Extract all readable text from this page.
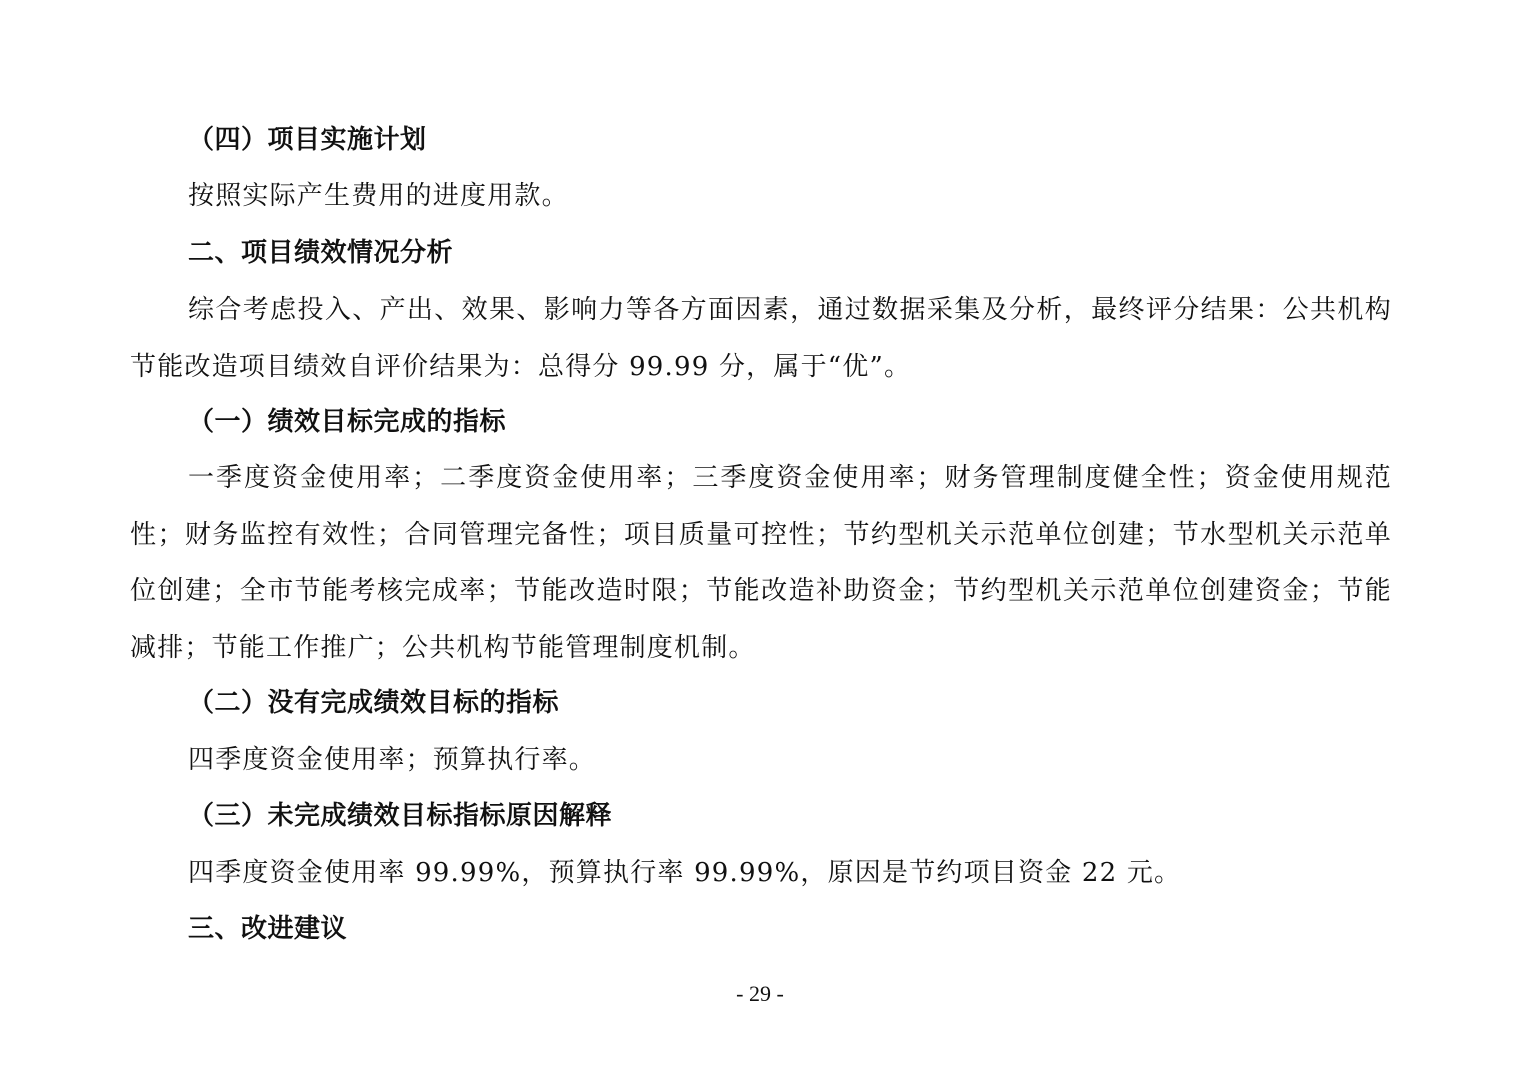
（四）项目实施计划

按照实际产生费用的进度用款。

二、项目绩效情况分析

综合考虑投入、产出、效果、影响力等各方面因素，通过数据采集及分析，最终评分结果：公共机构节能改造项目绩效自评价结果为：总得分 99.99 分，属于“优”。

（一）绩效目标完成的指标

一季度资金使用率；二季度资金使用率；三季度资金使用率；财务管理制度健全性；资金使用规范性；财务监控有效性；合同管理完备性；项目质量可控性；节约型机关示范单位创建；节水型机关示范单位创建；全市节能考核完成率；节能改造时限；节能改造补助资金；节约型机关示范单位创建资金；节能减排；节能工作推广；公共机构节能管理制度机制。

（二）没有完成绩效目标的指标

四季度资金使用率；预算执行率。

（三）未完成绩效目标指标原因解释

四季度资金使用率 99.99%，预算执行率 99.99%，原因是节约项目资金 22 元。

三、改进建议

- 29 -
